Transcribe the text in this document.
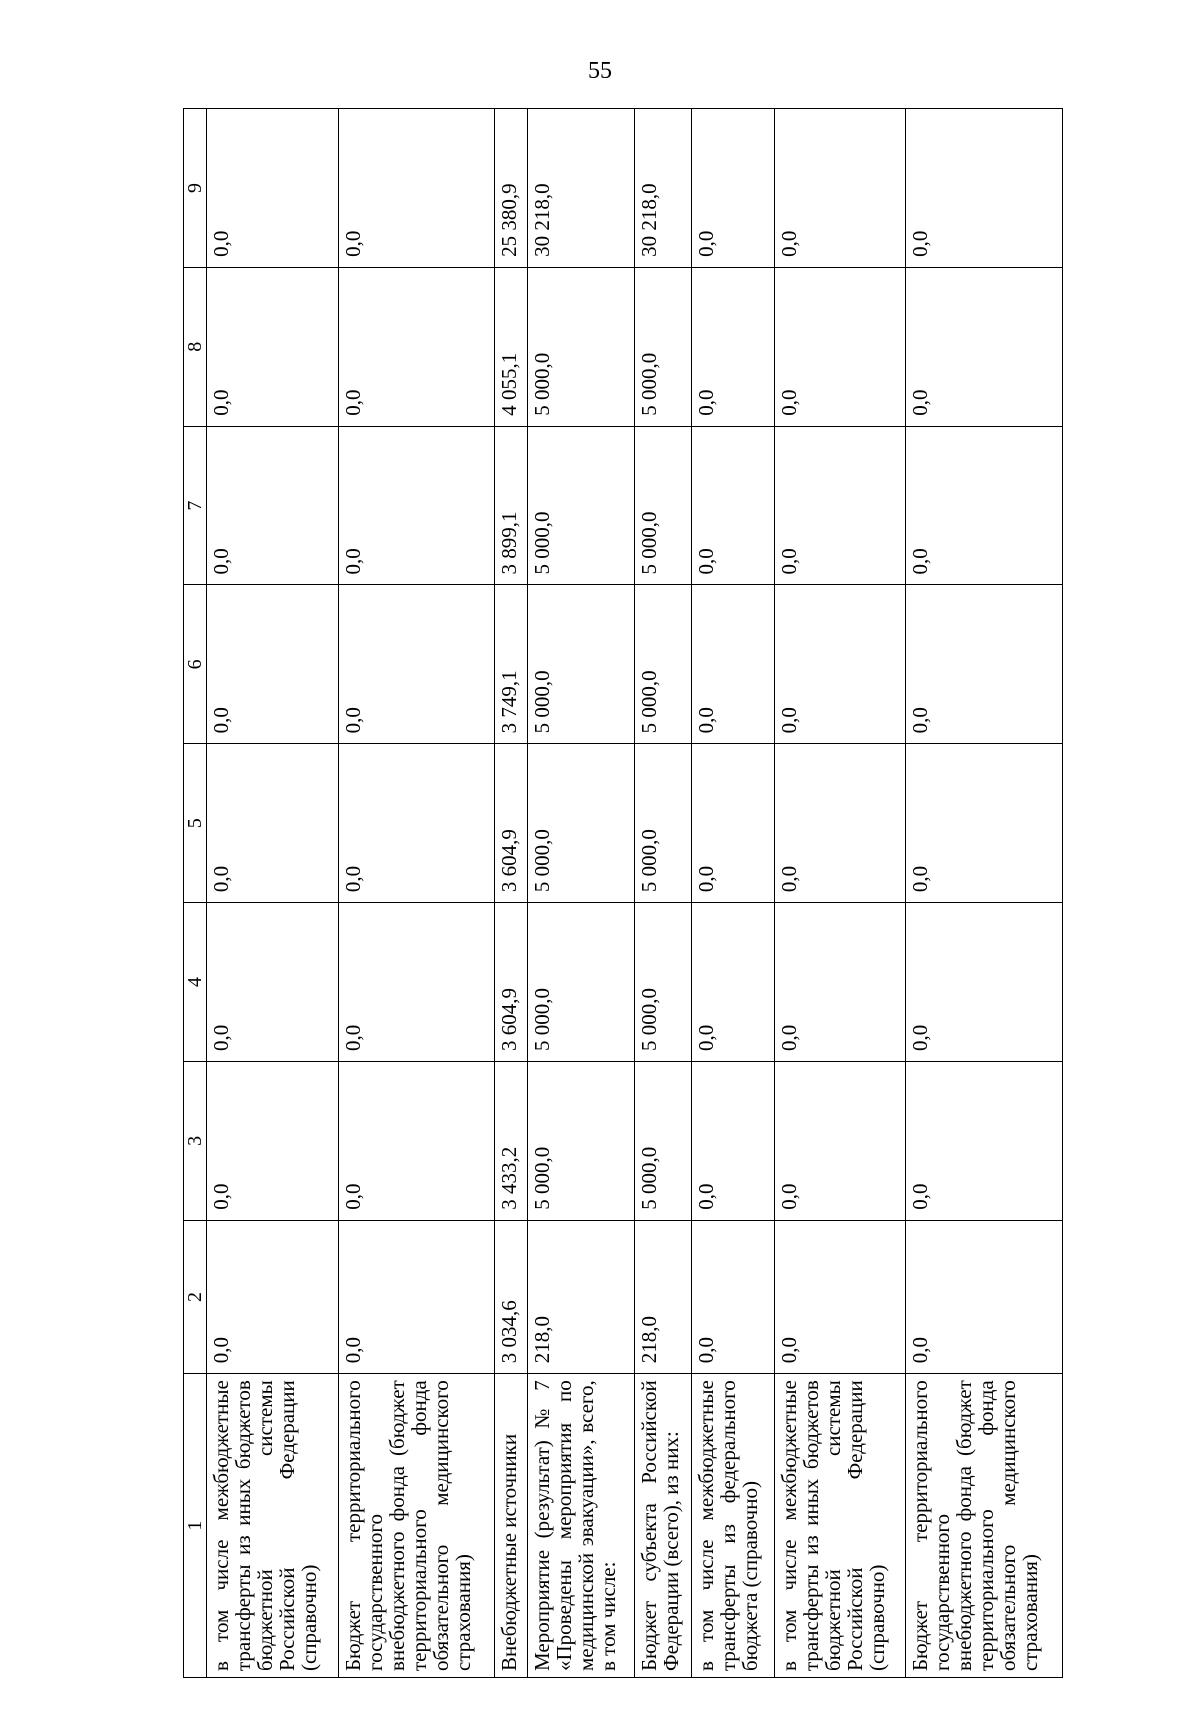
55
1	2	3	4	5	6	7	8	9
в том числе межбюджетные трансферты из иных бюджетов бюджетной системы Российской Федерации (справочно)	0,0	0,0	0,0	0,0	0,0	0,0	0,0	0,0
Бюджет территориального государственного внебюджетного фонда (бюджет территориального фонда обязательного медицинского страхования)	0,0	0,0	0,0	0,0	0,0	0,0	0,0	0,0
Внебюджетные источники	3 034,6	3 433,2	3 604,9	3 604,9	3 749,1	3 899,1	4 055,1	25 380,9
Мероприятие (результат) № 7 «Проведены мероприятия по медицинской эвакуации», всего, в том числе:	218,0	5 000,0	5 000,0	5 000,0	5 000,0	5 000,0	5 000,0	30 218,0
Бюджет субъекта Российской Федерации (всего), из них:	218,0	5 000,0	5 000,0	5 000,0	5 000,0	5 000,0	5 000,0	30 218,0
в том числе межбюджетные трансферты из федерального бюджета (справочно)	0,0	0,0	0,0	0,0	0,0	0,0	0,0	0,0
в том числе межбюджетные трансферты из иных бюджетов бюджетной системы Российской Федерации (справочно)	0,0	0,0	0,0	0,0	0,0	0,0	0,0	0,0
Бюджет территориального государственного внебюджетного фонда (бюджет территориального фонда обязательного медицинского страхования)	0,0	0,0	0,0	0,0	0,0	0,0	0,0	0,0
